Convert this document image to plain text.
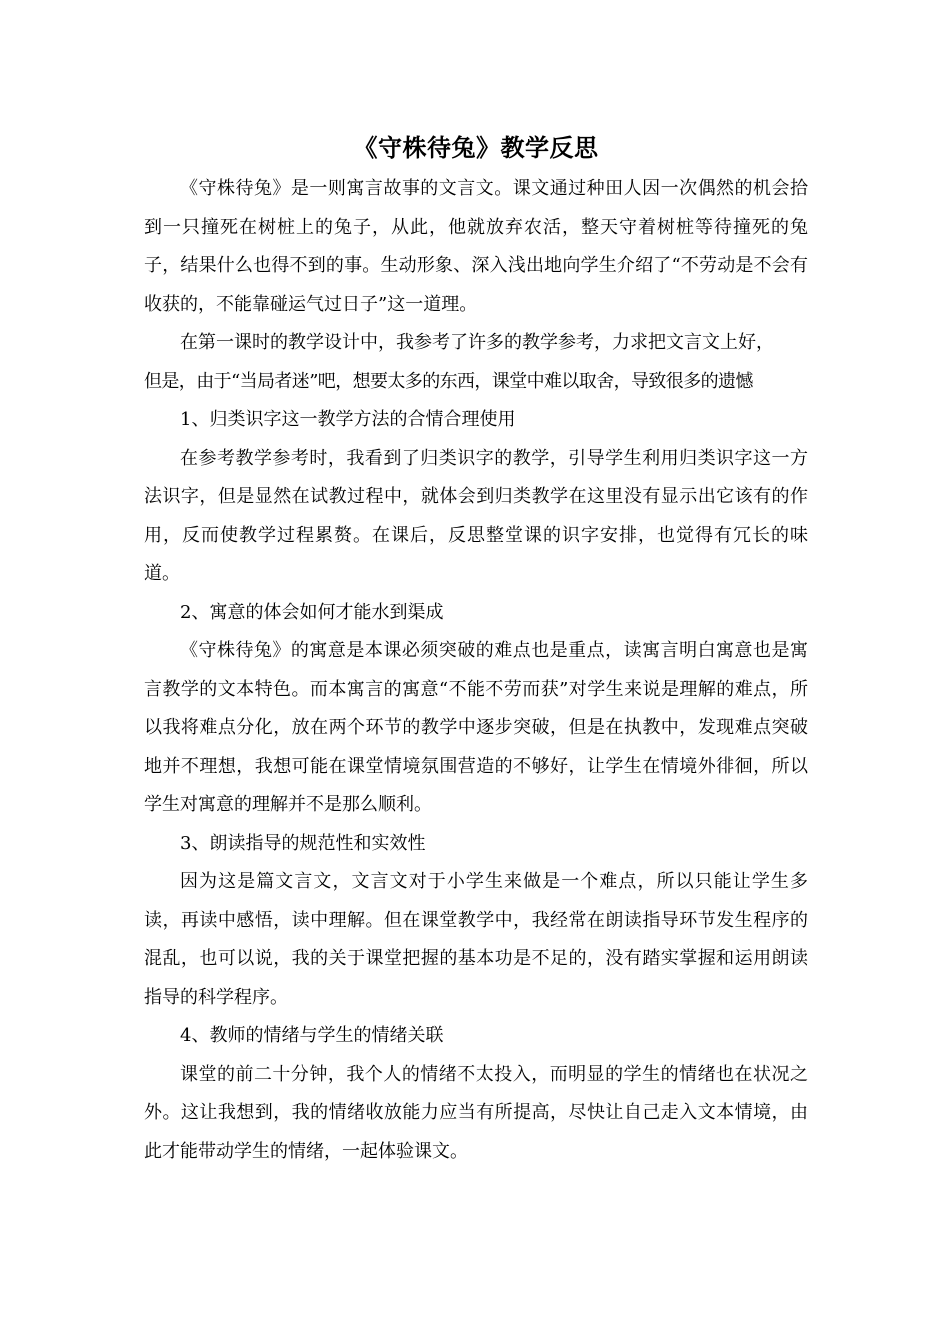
《守株待兔》教学反思

《守株待兔》是一则寓言故事的文言文。课文通过种田人因一次偶然的机会拾到一只撞死在树桩上的兔子，从此，他就放弃农活，整天守着树桩等待撞死的兔子，结果什么也得不到的事。生动形象、深入浅出地向学生介绍了“不劳动是不会有收获的，不能靠碰运气过日子”这一道理。

在第一课时的教学设计中，我参考了许多的教学参考，力求把文言文上好，

但是，由于“当局者迷”吧，想要太多的东西，课堂中难以取舍，导致很多的遗憾

1、归类识字这一教学方法的合情合理使用

在参考教学参考时，我看到了归类识字的教学，引导学生利用归类识字这一方法识字，但是显然在试教过程中，就体会到归类教学在这里没有显示出它该有的作用，反而使教学过程累赘。在课后，反思整堂课的识字安排，也觉得有冗长的味道。

2、寓意的体会如何才能水到渠成

《守株待兔》的寓意是本课必须突破的难点也是重点，读寓言明白寓意也是寓言教学的文本特色。而本寓言的寓意“不能不劳而获”对学生来说是理解的难点，所以我将难点分化，放在两个环节的教学中逐步突破，但是在执教中，发现难点突破地并不理想，我想可能在课堂情境氛围营造的不够好，让学生在情境外徘徊，所以学生对寓意的理解并不是那么顺利。

3、朗读指导的规范性和实效性

因为这是篇文言文，文言文对于小学生来做是一个难点，所以只能让学生多读，再读中感悟，读中理解。但在课堂教学中，我经常在朗读指导环节发生程序的混乱，也可以说，我的关于课堂把握的基本功是不足的，没有踏实掌握和运用朗读指导的科学程序。

4、教师的情绪与学生的情绪关联

课堂的前二十分钟，我个人的情绪不太投入，而明显的学生的情绪也在状况之外。这让我想到，我的情绪收放能力应当有所提高，尽快让自己走入文本情境，由此才能带动学生的情绪，一起体验课文。
